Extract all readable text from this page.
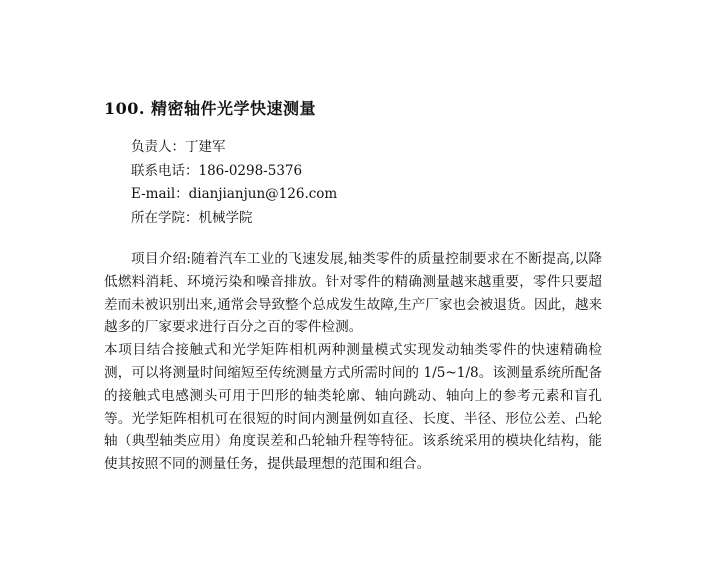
100. 精密轴件光学快速测量
负责人：丁建军
联系电话：186-0298-5376
E-mail：dianjianjun@126.com
所在学院：机械学院

项目介绍:随着汽车工业的飞速发展,轴类零件的质量控制要求在不断提高,以降低燃料消耗、环境污染和噪音排放。针对零件的精确测量越来越重要，零件只要超差而未被识别出来,通常会导致整个总成发生故障,生产厂家也会被退货。因此，越来越多的厂家要求进行百分之百的零件检测。

本项目结合接触式和光学矩阵相机两种测量模式实现发动轴类零件的快速精确检测，可以将测量时间缩短至传统测量方式所需时间的 1/5~1/8。该测量系统所配备的接触式电感测头可用于凹形的轴类轮廓、轴向跳动、轴向上的参考元素和盲孔等。光学矩阵相机可在很短的时间内测量例如直径、长度、半径、形位公差、凸轮轴（典型轴类应用）角度误差和凸轮轴升程等特征。该系统采用的模块化结构，能使其按照不同的测量任务，提供最理想的范围和组合。
